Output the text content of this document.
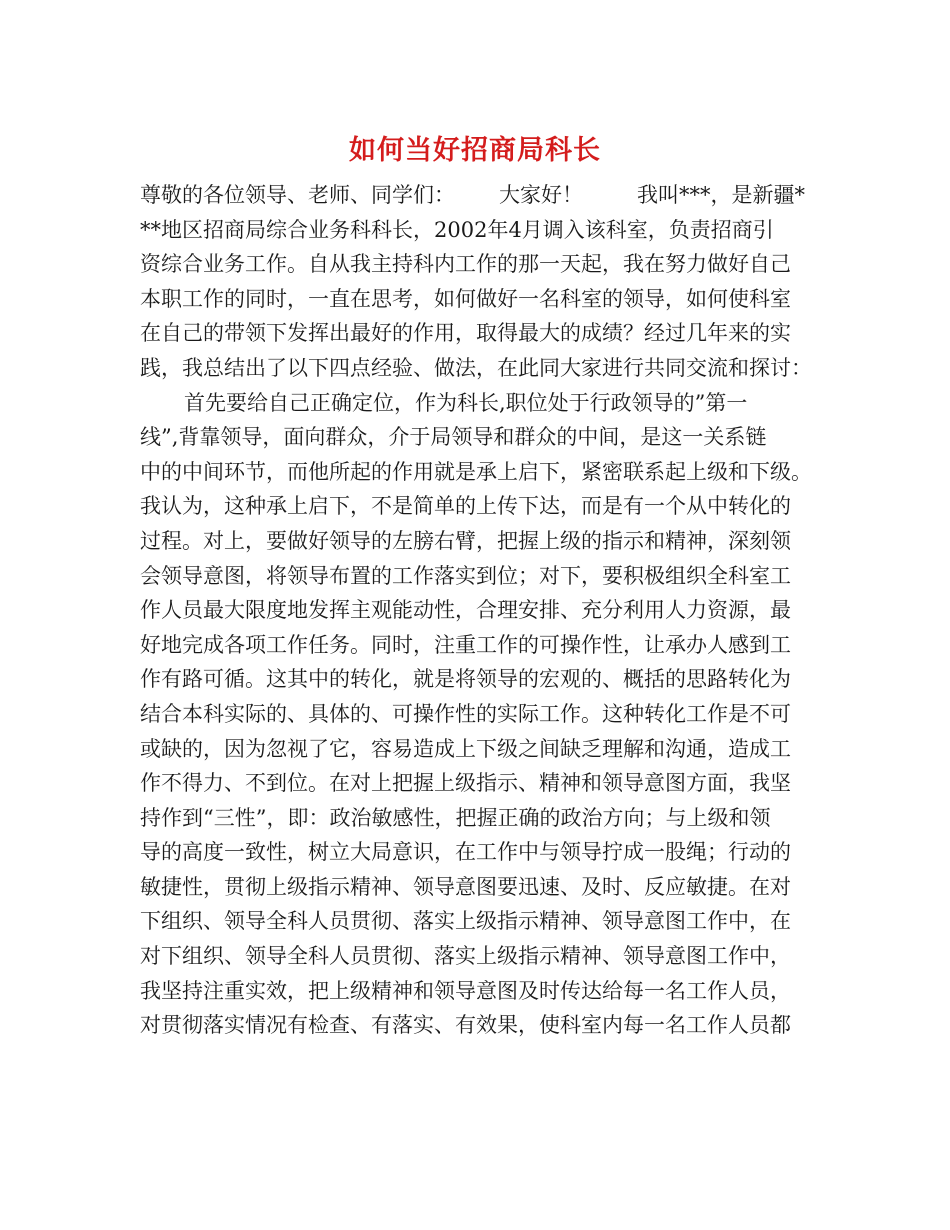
如何当好招商局科长
尊敬的各位领导、老师、同学们： 大家好！	我叫***，是新疆*
**地区招商局综合业务科科长，2002年4月调入该科室，负责招商引
资综合业务工作。自从我主持科内工作的那一天起，我在努力做好自己
本职工作的同时，一直在思考，如何做好一名科室的领导，如何使科室
在自己的带领下发挥出最好的作用，取得最大的成绩？经过几年来的实
践，我总结出了以下四点经验、做法，在此同大家进行共同交流和探讨：
首先要给自己正确定位，作为科长,职位处于行政领导的”第一
线”,背靠领导，面向群众，介于局领导和群众的中间，是这一关系链
中的中间环节，而他所起的作用就是承上启下，紧密联系起上级和下级。
我认为，这种承上启下，不是简单的上传下达，而是有一个从中转化的
过程。对上，要做好领导的左膀右臂，把握上级的指示和精神，深刻领
会领导意图，将领导布置的工作落实到位；对下，要积极组织全科室工
作人员最大限度地发挥主观能动性，合理安排、充分利用人力资源，最
好地完成各项工作任务。同时，注重工作的可操作性，让承办人感到工
作有路可循。这其中的转化，就是将领导的宏观的、概括的思路转化为
结合本科实际的、具体的、可操作性的实际工作。这种转化工作是不可
或缺的，因为忽视了它，容易造成上下级之间缺乏理解和沟通，造成工
作不得力、不到位。在对上把握上级指示、精神和领导意图方面，我坚
持作到“三性”，即：政治敏感性，把握正确的政治方向；与上级和领
导的高度一致性，树立大局意识，在工作中与领导拧成一股绳；行动的
敏捷性，贯彻上级指示精神、领导意图要迅速、及时、反应敏捷。在对
下组织、领导全科人员贯彻、落实上级指示精神、领导意图工作中，在
对下组织、领导全科人员贯彻、落实上级指示精神、领导意图工作中，
我坚持注重实效，把上级精神和领导意图及时传达给每一名工作人员，
对贯彻落实情况有检查、有落实、有效果，使科室内每一名工作人员都
